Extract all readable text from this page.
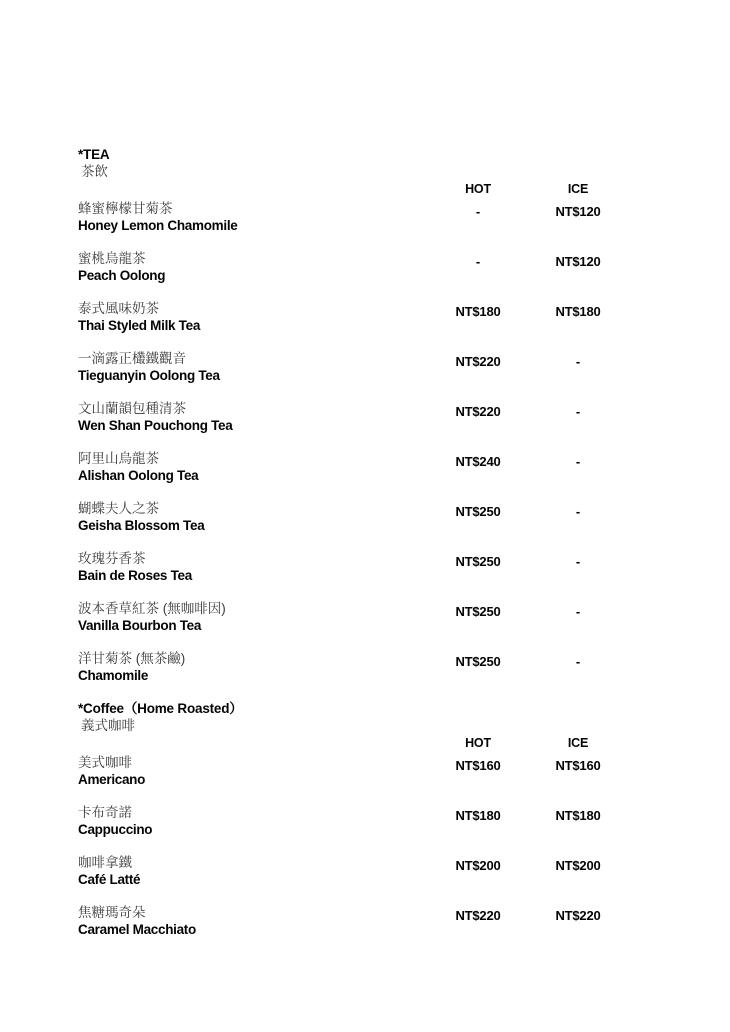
*TEA
茶飲
HOT	ICE
蜂蜜檸檬甘菊茶
Honey Lemon Chamomile
-	NT$120
蜜桃烏龍茶
Peach Oolong
-	NT$120
泰式風味奶茶
Thai Styled Milk Tea
NT$180	NT$180
一滴露正欉鐵觀音
Tieguanyin Oolong Tea
NT$220	-
文山蘭韻包種清茶
Wen Shan Pouchong Tea
NT$220	-
阿里山烏龍茶
Alishan Oolong Tea
NT$240	-
蝴蝶夫人之茶
Geisha Blossom Tea
NT$250	-
玫瑰芬香茶
Bain de Roses Tea
NT$250	-
波本香草紅茶 (無咖啡因)
Vanilla Bourbon Tea
NT$250	-
洋甘菊茶 (無茶鹼)
Chamomile
NT$250	-
*Coffee（Home Roasted）
義式咖啡
HOT	ICE
美式咖啡
Americano
NT$160	NT$160
卡布奇諾
Cappuccino
NT$180	NT$180
咖啡拿鐵
Café Latté
NT$200	NT$200
焦糖瑪奇朵
Caramel Macchiato
NT$220	NT$220
